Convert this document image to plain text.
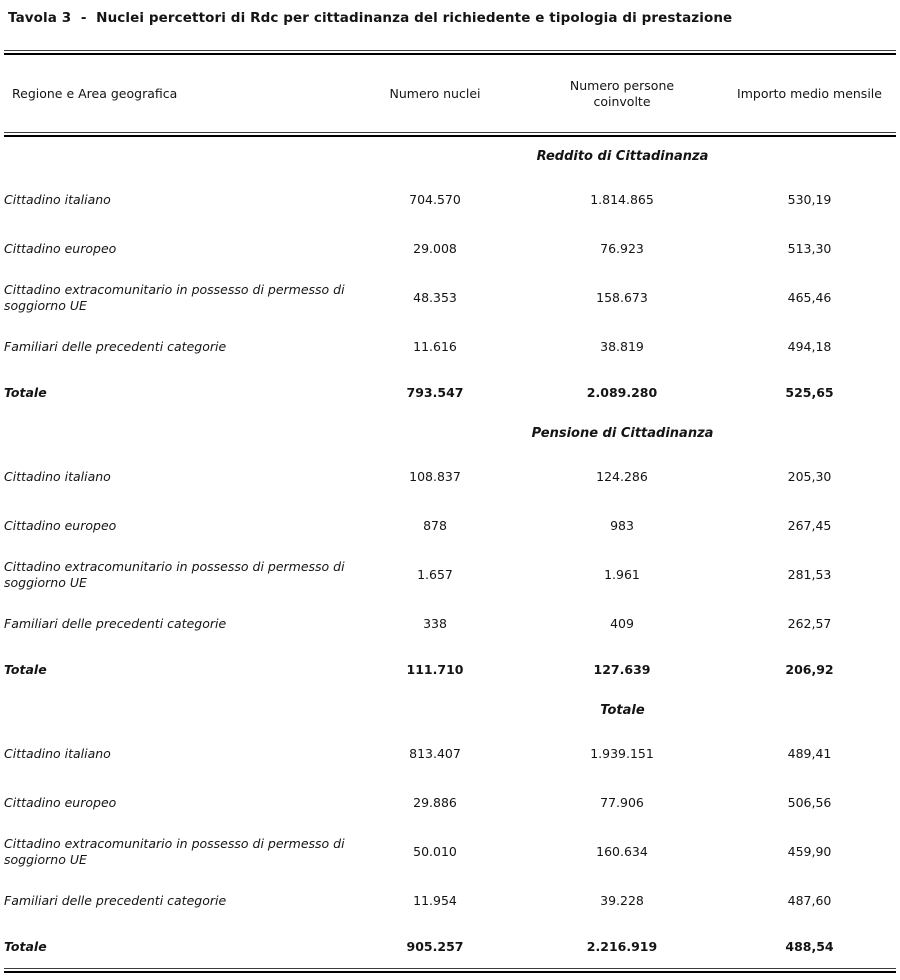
Tavola 3  -  Nuclei percettori di Rdc per cittadinanza del richiedente e tipologia di prestazione

Regione e Area geografica	Numero nuclei	Numero persone coinvolte	Importo medio mensile

	Reddito di Cittadinanza		
Cittadino italiano	704.570	1.814.865	530,19
Cittadino europeo	29.008	76.923	513,30
Cittadino extracomunitario in possesso di permesso di soggiorno UE	48.353	158.673	465,46
Familiari delle precedenti categorie	11.616	38.819	494,18
Totale	793.547	2.089.280	525,65
	Pensione di Cittadinanza		
Cittadino italiano	108.837	124.286	205,30
Cittadino europeo	878	983	267,45
Cittadino extracomunitario in possesso di permesso di soggiorno UE	1.657	1.961	281,53
Familiari delle precedenti categorie	338	409	262,57
Totale	111.710	127.639	206,92
	Totale		
Cittadino italiano	813.407	1.939.151	489,41
Cittadino europeo	29.886	77.906	506,56
Cittadino extracomunitario in possesso di permesso di soggiorno UE	50.010	160.634	459,90
Familiari delle precedenti categorie	11.954	39.228	487,60
Totale	905.257	2.216.919	488,54
